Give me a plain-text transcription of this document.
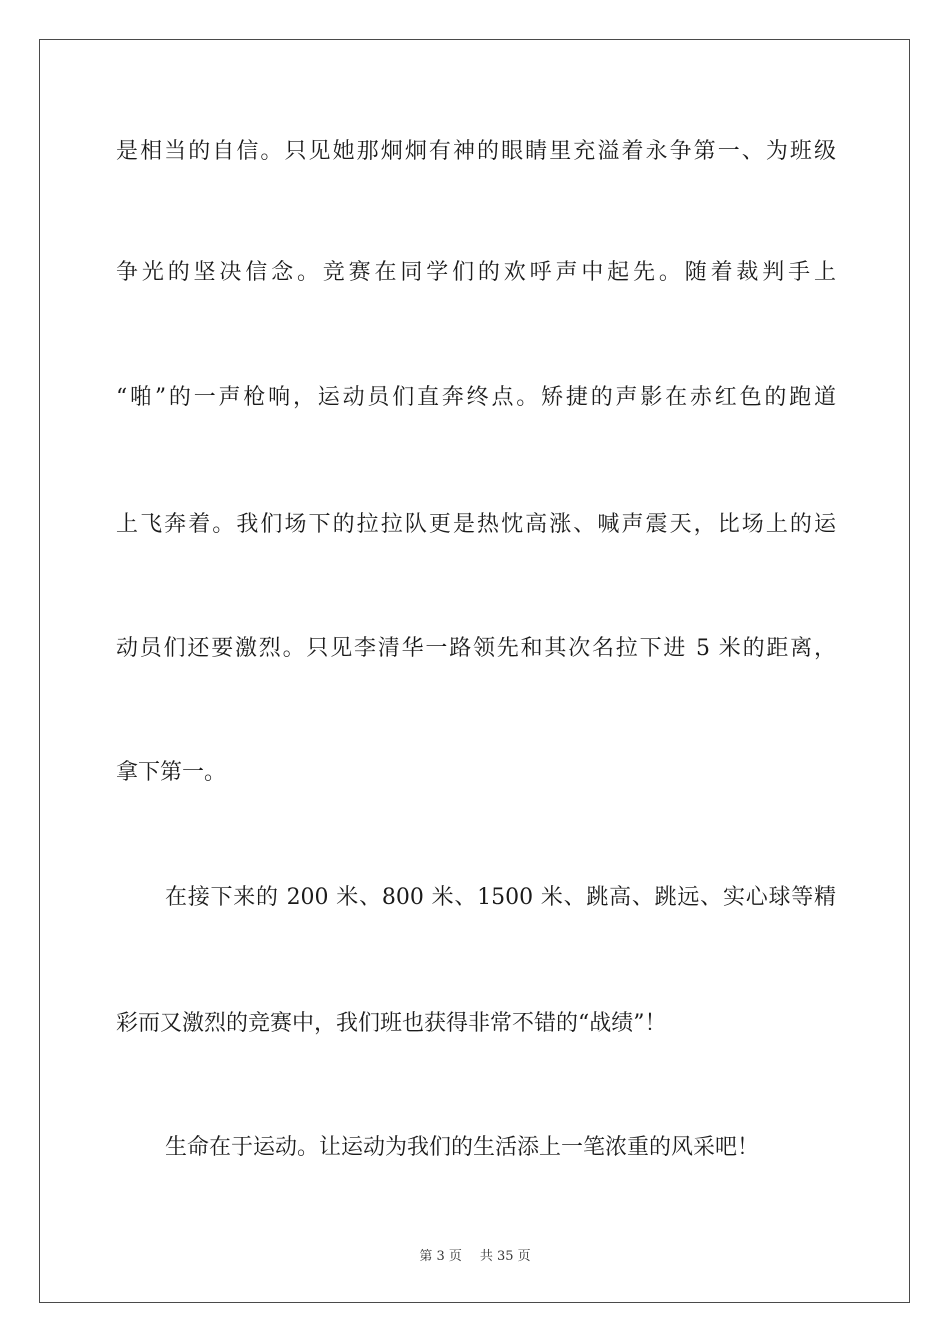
是相当的自信。只见她那炯炯有神的眼睛里充溢着永争第一、为班级
争光的坚决信念。竞赛在同学们的欢呼声中起先。随着裁判手上
“啪”的一声枪响，运动员们直奔终点。矫捷的声影在赤红色的跑道
上飞奔着。我们场下的拉拉队更是热忱高涨、喊声震天，比场上的运
动员们还要激烈。只见李清华一路领先和其次名拉下进 5 米的距离，
拿下第一。
在接下来的 200 米、800 米、1500 米、跳高、跳远、实心球等精
彩而又激烈的竞赛中，我们班也获得非常不错的“战绩”！
生命在于运动。让运动为我们的生活添上一笔浓重的风采吧！
第 3 页 共 35 页
